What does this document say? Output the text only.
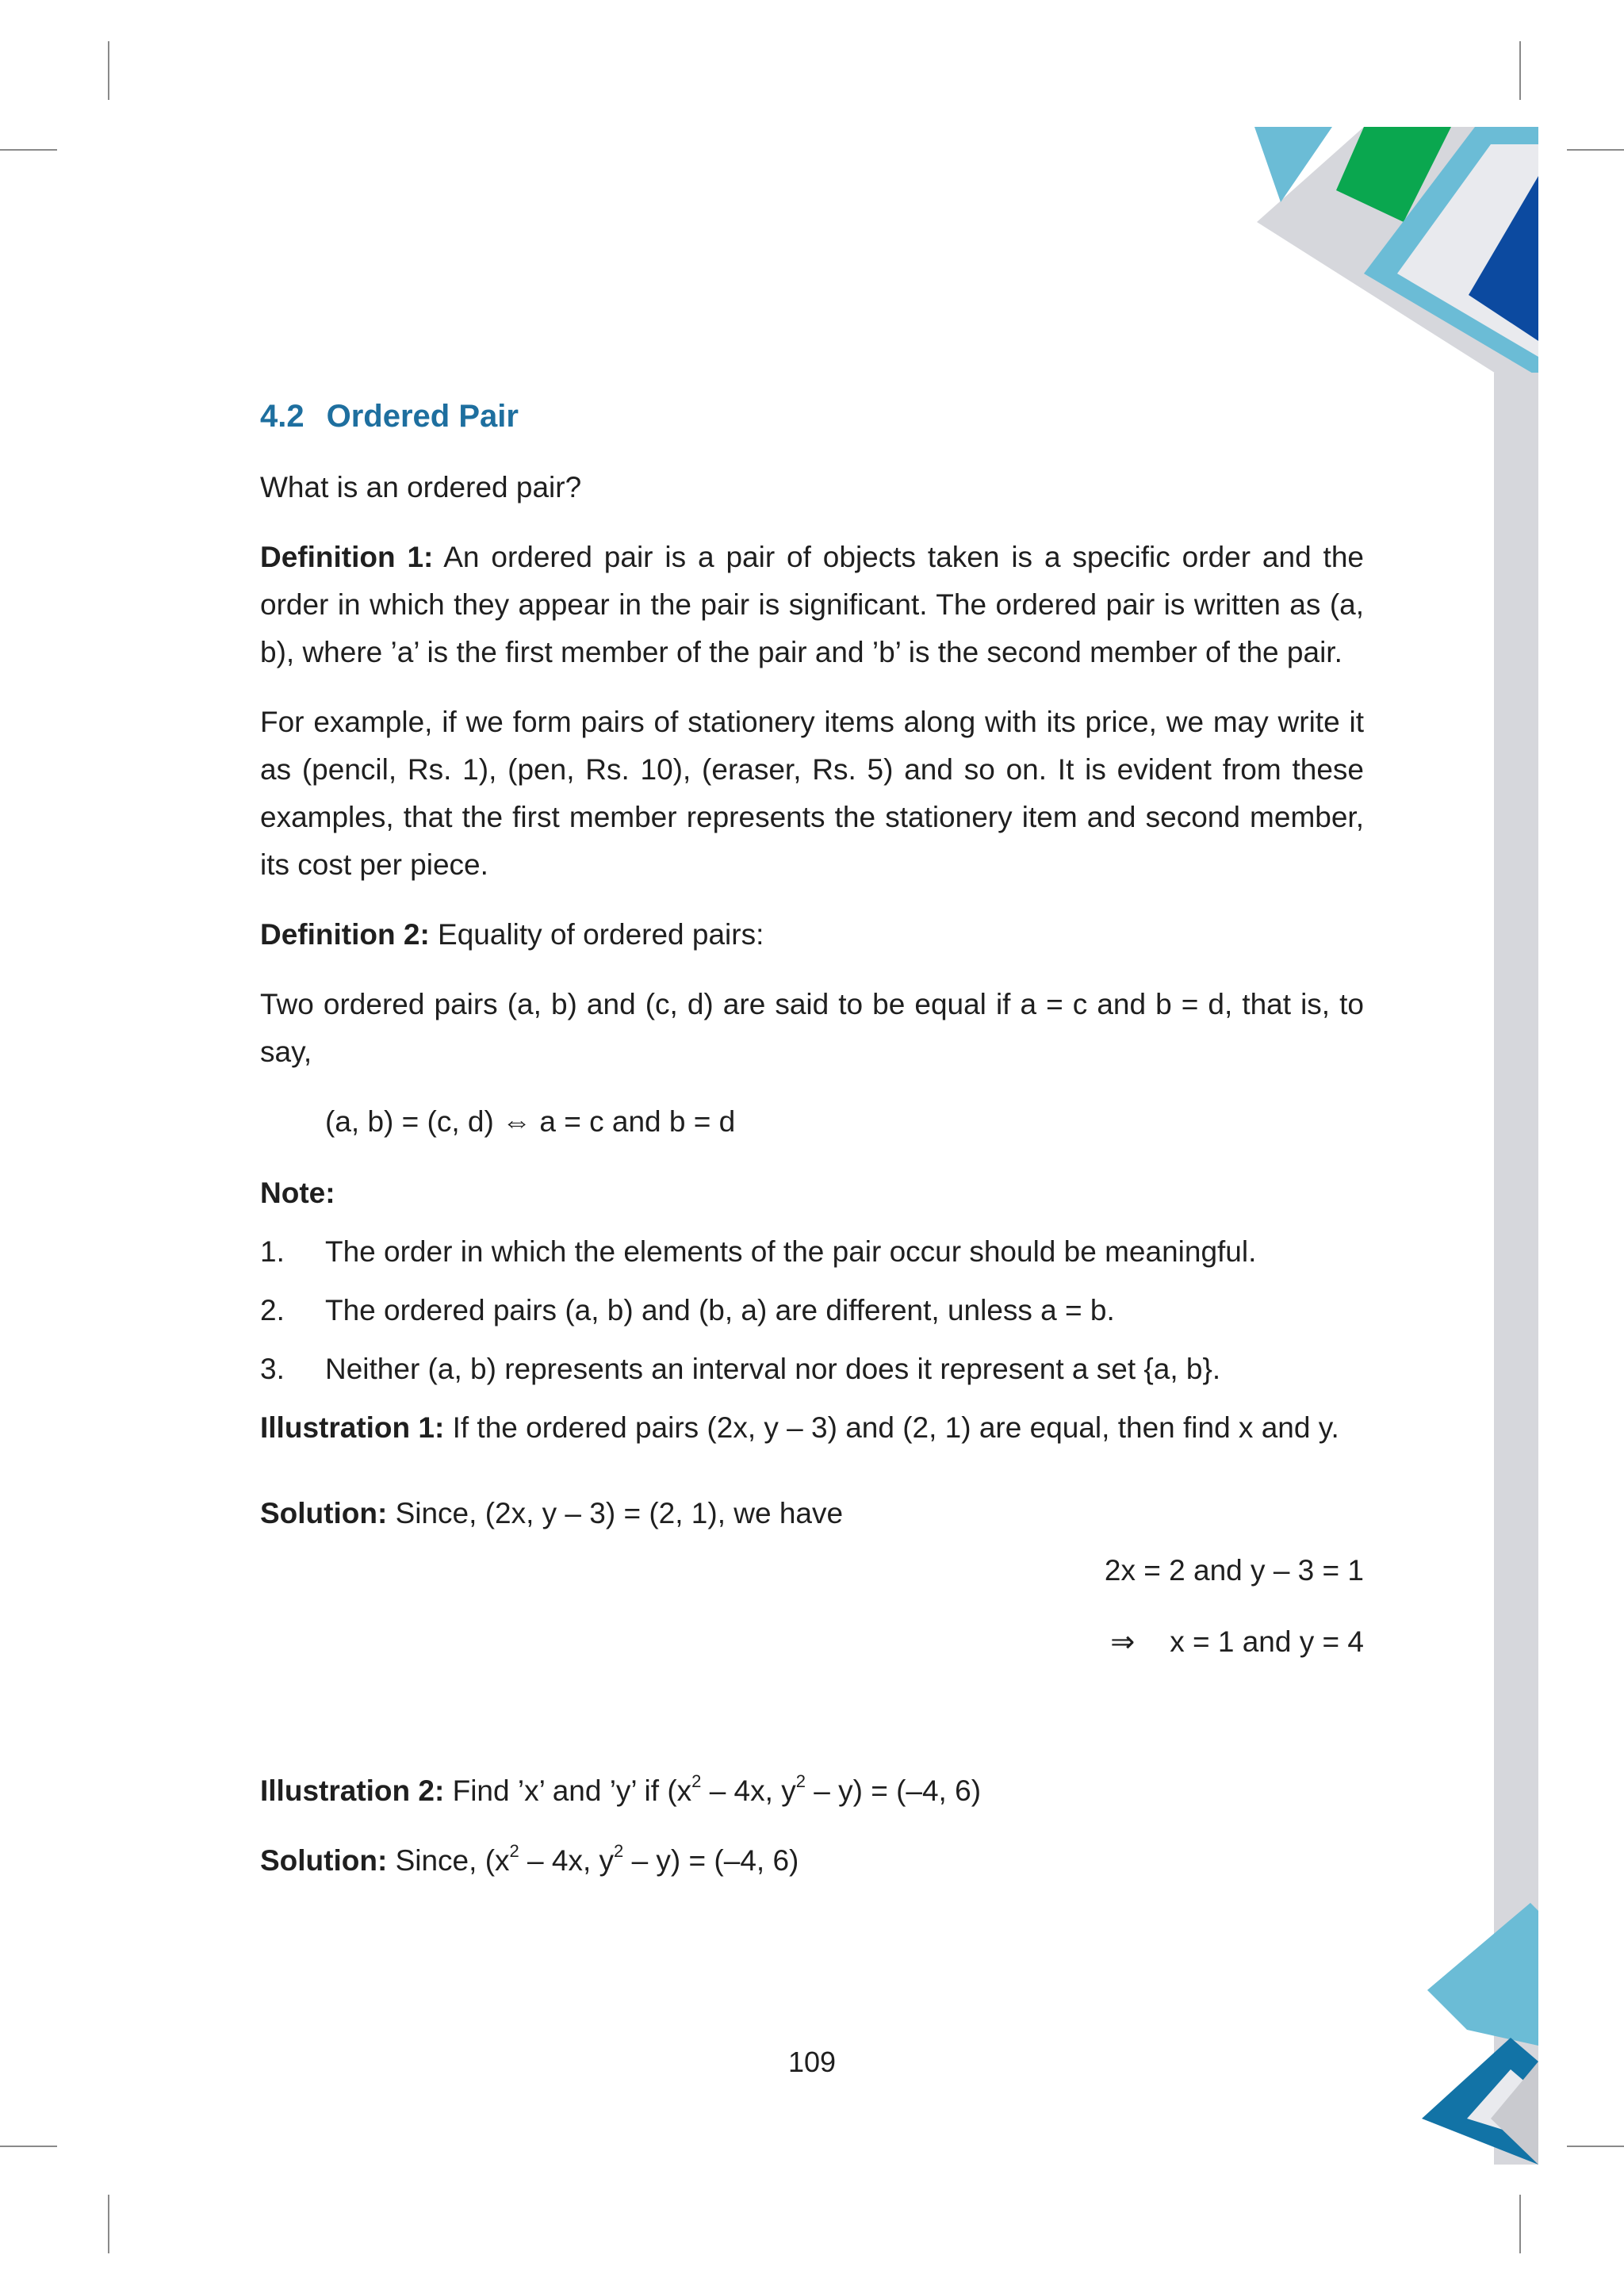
4.2 Ordered Pair

What is an ordered pair?

Definition 1: An ordered pair is a pair of objects taken is a specific order and the order in which they appear in the pair is significant. The ordered pair is written as (a, b), where ’a’ is the first member of the pair and ’b’ is the second member of the pair.

For example, if we form pairs of stationery items along with its price, we may write it as (pencil, Rs. 1), (pen, Rs. 10), (eraser, Rs. 5) and so on. It is evident from these examples, that the first member represents the stationery item and second member, its cost per piece.

Definition 2: Equality of ordered pairs:

Two ordered pairs (a, b) and (c, d) are said to be equal if a = c and b = d, that is, to say,

(a, b) = (c, d) ⇔ a = c and b = d

Note:

1. The order in which the elements of the pair occur should be meaningful.
2. The ordered pairs (a, b) and (b, a) are different, unless a = b.
3. Neither (a, b) represents an interval nor does it represent a set {a, b}.

Illustration 1: If the ordered pairs (2x, y – 3) and (2, 1) are equal, then find x and y.

Solution: Since, (2x, y – 3) = (2, 1), we have

2x = 2 and y – 3 = 1

⇒ x = 1 and y = 4

Illustration 2: Find ’x’ and ’y’ if ($x^2 - 4x$, $y^2 - y) = (-4$, 6)

Solution: Since, ($x^2 - 4x$, $y^2 - y) = (-4$, 6)

109
